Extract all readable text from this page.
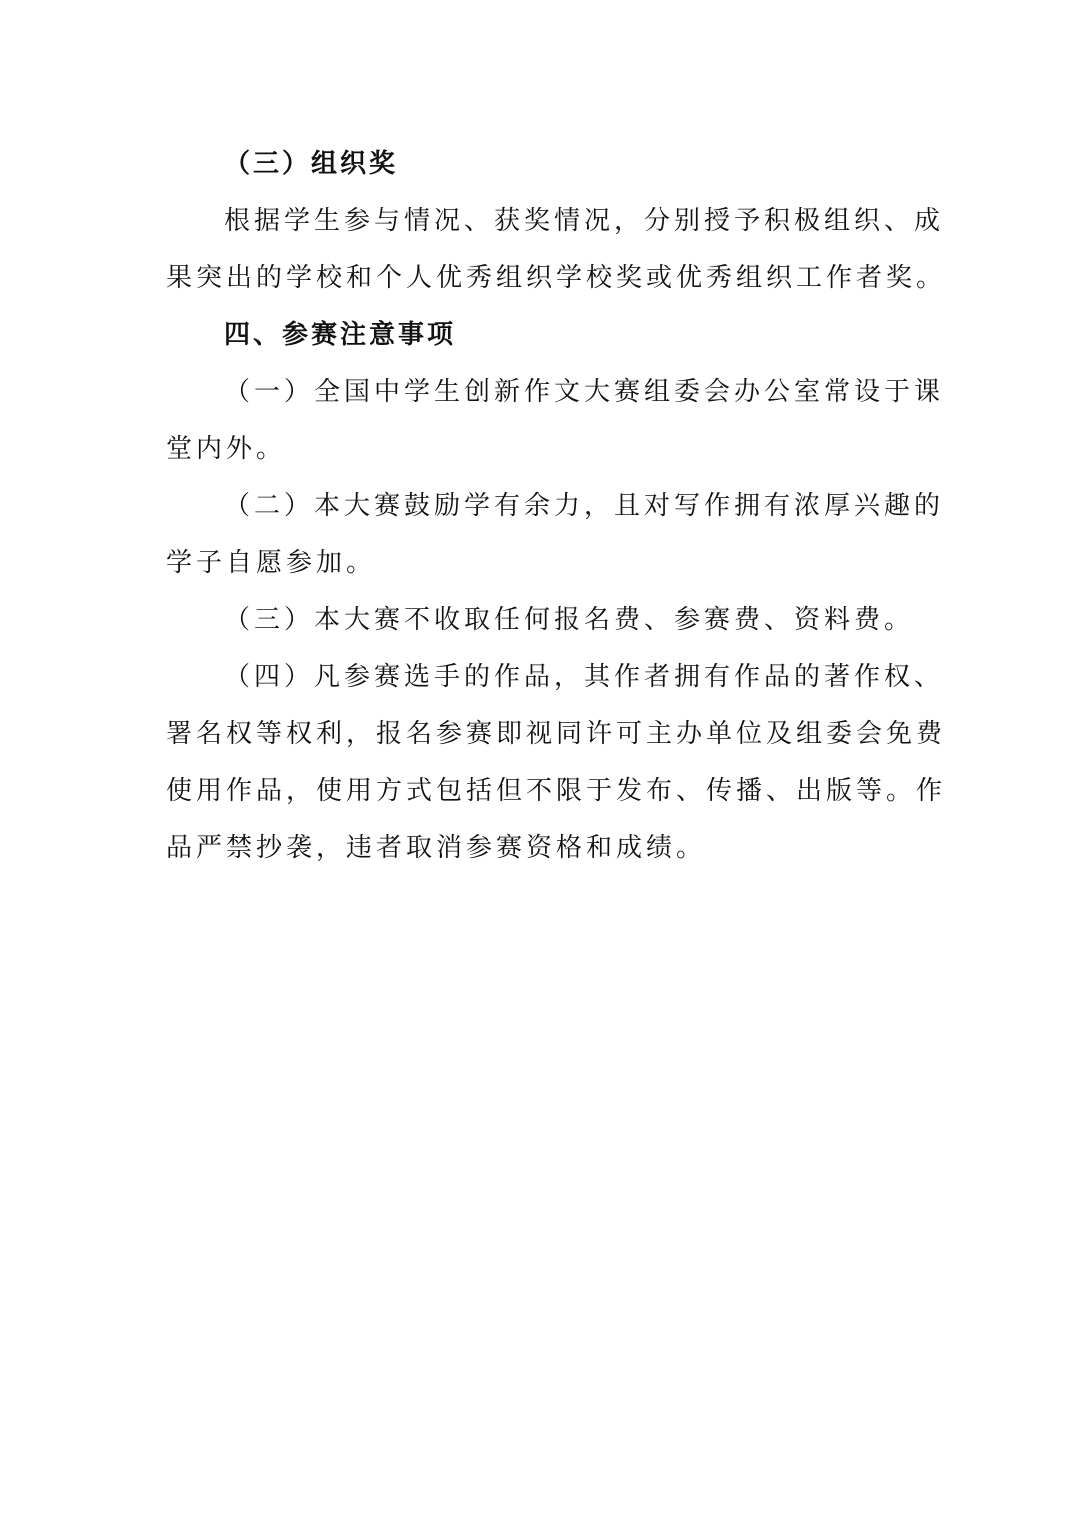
（三）组织奖
根据学生参与情况、获奖情况，分别授予积极组织、成
果突出的学校和个人优秀组织学校奖或优秀组织工作者奖。
四、参赛注意事项
（一）全国中学生创新作文大赛组委会办公室常设于课
堂内外。
（二）本大赛鼓励学有余力，且对写作拥有浓厚兴趣的
学子自愿参加。
（三）本大赛不收取任何报名费、参赛费、资料费。
（四）凡参赛选手的作品，其作者拥有作品的著作权、
署名权等权利，报名参赛即视同许可主办单位及组委会免费
使用作品，使用方式包括但不限于发布、传播、出版等。作
品严禁抄袭，违者取消参赛资格和成绩。
